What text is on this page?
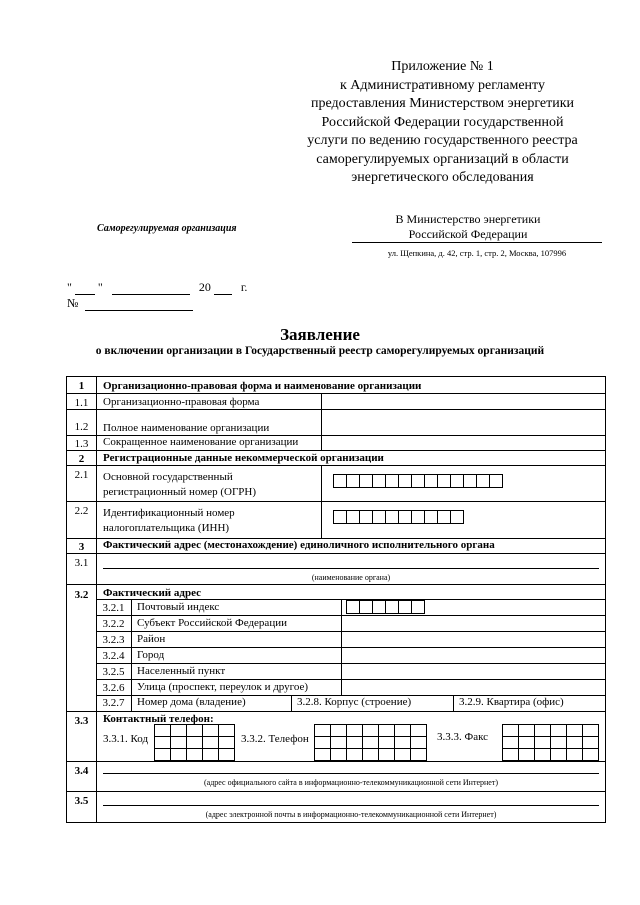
Приложение № 1
к Административному регламенту
предоставления Министерством энергетики
Российской Федерации государственной
услуги по ведению государственного реестра
саморегулируемых организаций в области
энергетического обследования
Саморегулируемая организация
В Министерство энергетики
Российской Федерации
ул. Щепкина, д. 42, стр. 1, стр. 2, Москва, 107996
" "	20	г.
№
Заявление
о включении организации в Государственный реестр саморегулируемых организаций
1	Организационно-правовая форма и наименование организации
1.1	Организационно-правовая форма
1.2	Полное наименование организации
1.3	Сокращенное наименование организации
2	Регистрационные данные некоммерческой организации
2.1	Основной государственный
регистрационный номер (ОГРН)
2.2	Идентификационный номер
налогоплательщика (ИНН)
3	Фактический адрес (местонахождение) единоличного исполнительного органа
3.1
(наименование органа)
3.2	Фактический адрес
3.2.1	Почтовый индекс
3.2.2	Субъект Российской Федерации
3.2.3	Район
3.2.4	Город
3.2.5	Населенный пункт
3.2.6	Улица (проспект, переулок и другое)
3.2.7	Номер дома (владение)	3.2.8. Корпус (строение)	3.2.9. Квартира (офис)
3.3	Контактный телефон:
3.3.1. Код	3.3.2. Телефон	3.3.3. Факс
3.4
(адрес официального сайта в информационно-телекоммуникационной сети Интернет)
3.5
(адрес электронной почты в информационно-телекоммуникационной сети Интернет)
